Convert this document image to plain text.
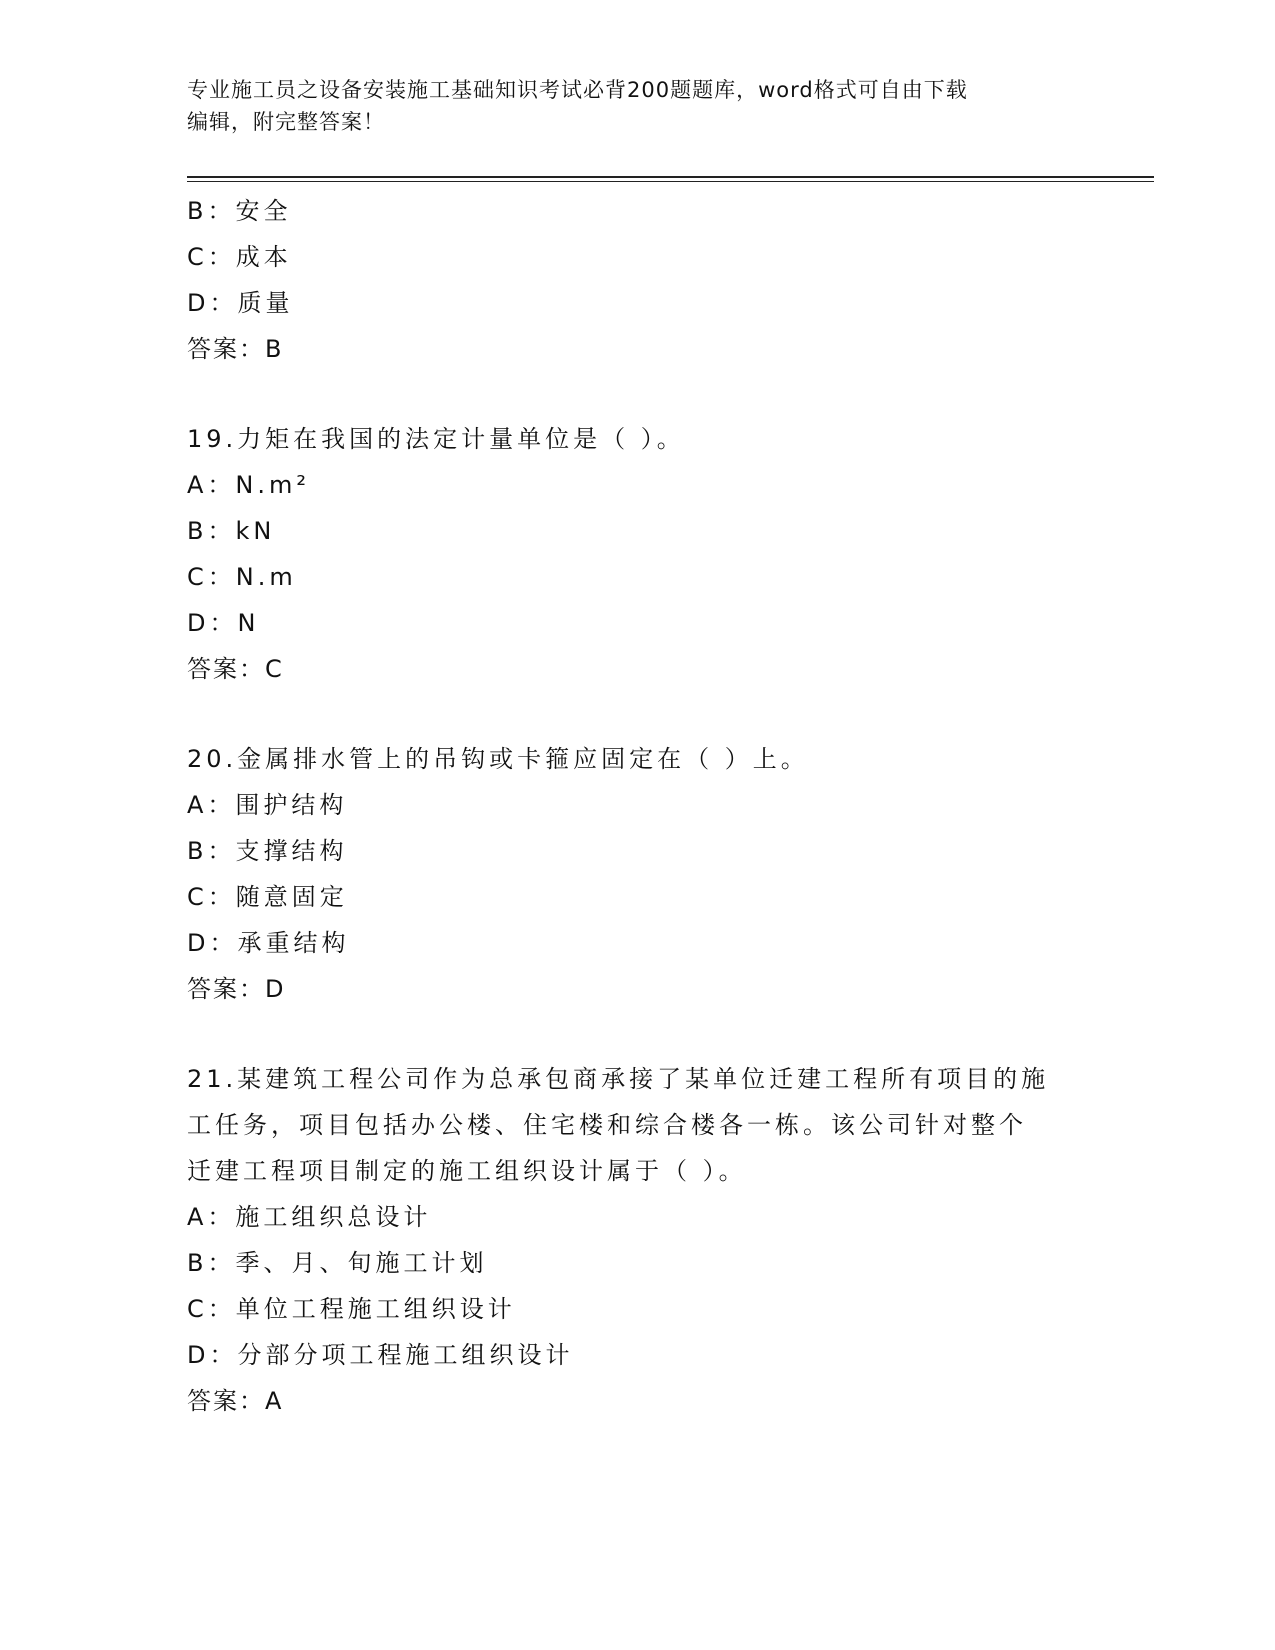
专业施工员之设备安装施工基础知识考试必背200题题库，word格式可自由下载
编辑，附完整答案！
B：安全
C：成本
D：质量
答案：B
19.力矩在我国的法定计量单位是（ ）。
A：N.m²
B：kN
C：N.m
D：N
答案：C
20.金属排水管上的吊钩或卡箍应固定在（ ）上。
A：围护结构
B：支撑结构
C：随意固定
D：承重结构
答案：D
21.某建筑工程公司作为总承包商承接了某单位迁建工程所有项目的施
工任务，项目包括办公楼、住宅楼和综合楼各一栋。该公司针对整个
迁建工程项目制定的施工组织设计属于（ ）。
A：施工组织总设计
B：季、月、旬施工计划
C：单位工程施工组织设计
D：分部分项工程施工组织设计
答案：A
